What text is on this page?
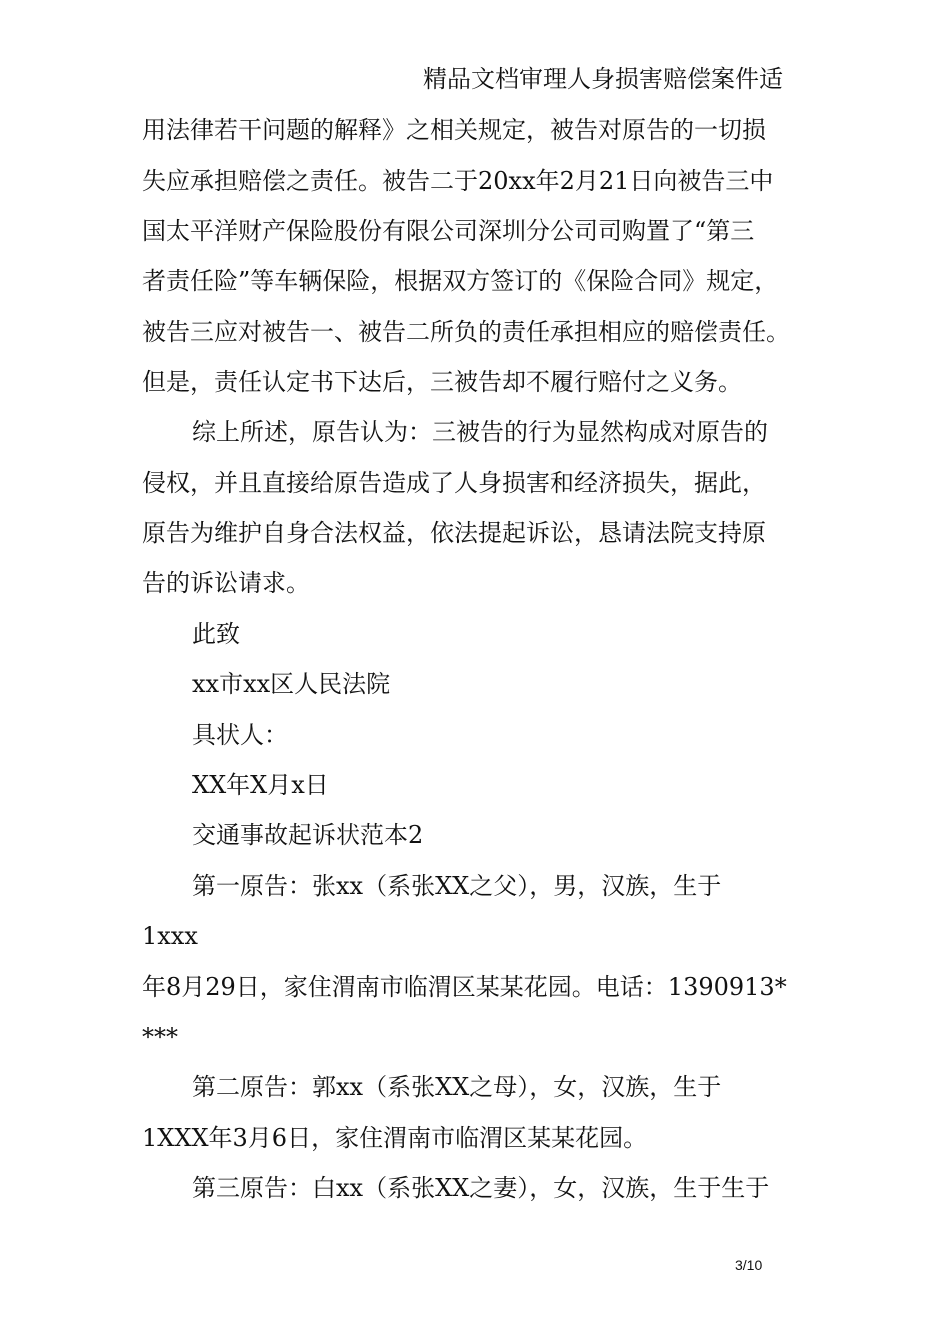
精品文档审理人身损害赔偿案件适
用法律若干问题的解释》之相关规定，被告对原告的一切损
失应承担赔偿之责任。被告二于20xx年2月21日向被告三中
国太平洋财产保险股份有限公司深圳分公司司购置了“第三
者责任险”等车辆保险，根据双方签订的《保险合同》规定，
被告三应对被告一、被告二所负的责任承担相应的赔偿责任。
但是，责任认定书下达后，三被告却不履行赔付之义务。
综上所述，原告认为：三被告的行为显然构成对原告的
侵权，并且直接给原告造成了人身损害和经济损失，据此，
原告为维护自身合法权益，依法提起诉讼，恳请法院支持原
告的诉讼请求。
此致
xx市xx区人民法院
具状人：
XX年X月x日
交通事故起诉状范本2
第一原告：张xx（系张XX之父），男，汉族，生于
1xxx
年8月29日，家住渭南市临渭区某某花园。电话：1390913*
***
第二原告：郭xx（系张XX之母），女，汉族，生于
1XXX年3月6日，家住渭南市临渭区某某花园。
第三原告：白xx（系张XX之妻），女，汉族，生于生于
3/10
